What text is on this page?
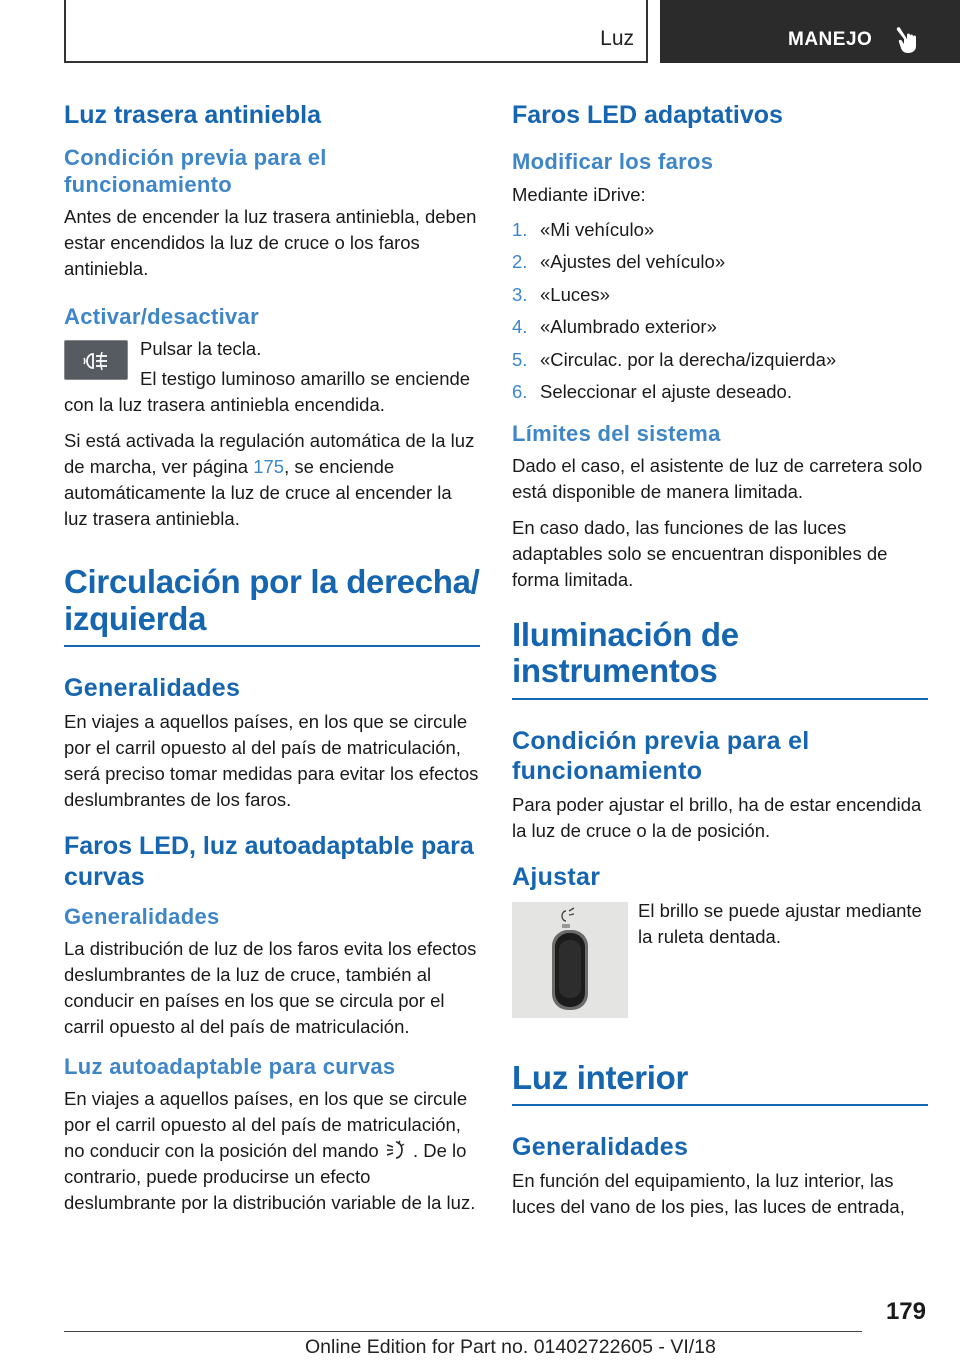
Luz	MANEJO
Luz trasera antiniebla
Condición previa para el funcionamiento

Antes de encender la luz trasera antiniebla, deben estar encendidos la luz de cruce o los faros antiniebla.

Activar/desactivar

Pulsar la tecla.

El testigo luminoso amarillo se enciende con la luz trasera antiniebla encendida.

Si está activada la regulación automática de la luz de marcha, ver página 175, se enciende automáticamente la luz de cruce al encender la luz trasera antiniebla.

Circulación por la derecha/ izquierda
Generalidades

En viajes a aquellos países, en los que se circule por el carril opuesto al del país de matriculación, será preciso tomar medidas para evitar los efectos deslumbrantes de los faros.

Faros LED, luz autoadaptable para curvas
Generalidades

La distribución de luz de los faros evita los efectos deslumbrantes de la luz de cruce, también al conducir en países en los que se circula por el carril opuesto al del país de matriculación.

Luz autoadaptable para curvas

En viajes a aquellos países, en los que se circule por el carril opuesto al del país de matriculación, no conducir con la posición del mando  . De lo contrario, puede producirse un efecto deslumbrante por la distribución variable de la luz.

Faros LED adaptativos
Modificar los faros

Mediante iDrive:

1. «Mi vehículo»
2. «Ajustes del vehículo»
3. «Luces»
4. «Alumbrado exterior»
5. «Circulac. por la derecha/izquierda»
6. Seleccionar el ajuste deseado.
Límites del sistema

Dado el caso, el asistente de luz de carretera solo está disponible de manera limitada.

En caso dado, las funciones de las luces adaptables solo se encuentran disponibles de forma limitada.

Iluminación de instrumentos
Condición previa para el funcionamiento

Para poder ajustar el brillo, ha de estar encendida la luz de cruce o la de posición.

Ajustar

El brillo se puede ajustar mediante la ruleta dentada.

Luz interior
Generalidades

En función del equipamiento, la luz interior, las luces del vano de los pies, las luces de entrada,

179
Online Edition for Part no. 01402722605 - VI/18
